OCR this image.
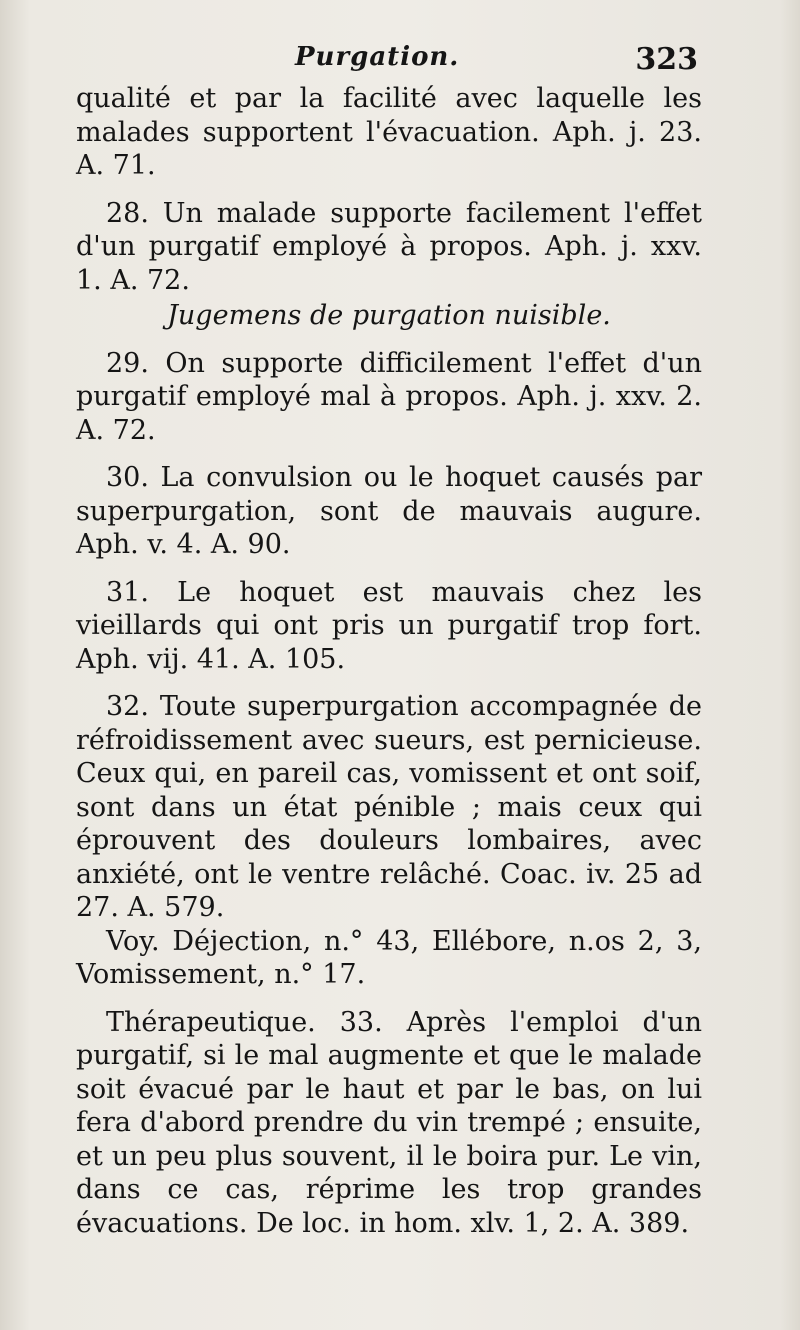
Purgation.	323

qualité et par la facilité avec laquelle les malades supportent l'évacuation. Aph. j. 23. A. 71.

28. Un malade supporte facilement l'effet d'un purgatif employé à propos. Aph. j. xxv. 1. A. 72.

Jugemens de purgation nuisible.

29. On supporte difficilement l'effet d'un purgatif employé mal à propos. Aph. j. xxv. 2. A. 72.

30. La convulsion ou le hoquet causés par superpurgation, sont de mauvais augure. Aph. v. 4. A. 90.

31. Le hoquet est mauvais chez les vieillards qui ont pris un purgatif trop fort. Aph. vij. 41. A. 105.

32. Toute superpurgation accompagnée de réfroidissement avec sueurs, est pernicieuse. Ceux qui, en pareil cas, vomissent et ont soif, sont dans un état pénible ; mais ceux qui éprouvent des douleurs lombaires, avec anxiété, ont le ventre relâché. Coac. iv. 25 ad 27. A. 579.

Voy. Déjection, n.° 43, Ellébore, n.os 2, 3, Vomissement, n.° 17.

Thérapeutique. 33. Après l'emploi d'un purgatif, si le mal augmente et que le malade soit évacué par le haut et par le bas, on lui fera d'abord prendre du vin trempé ; ensuite, et un peu plus souvent, il le boira pur. Le vin, dans ce cas, réprime les trop grandes évacuations. De loc. in hom. xlv. 1, 2. A. 389.
